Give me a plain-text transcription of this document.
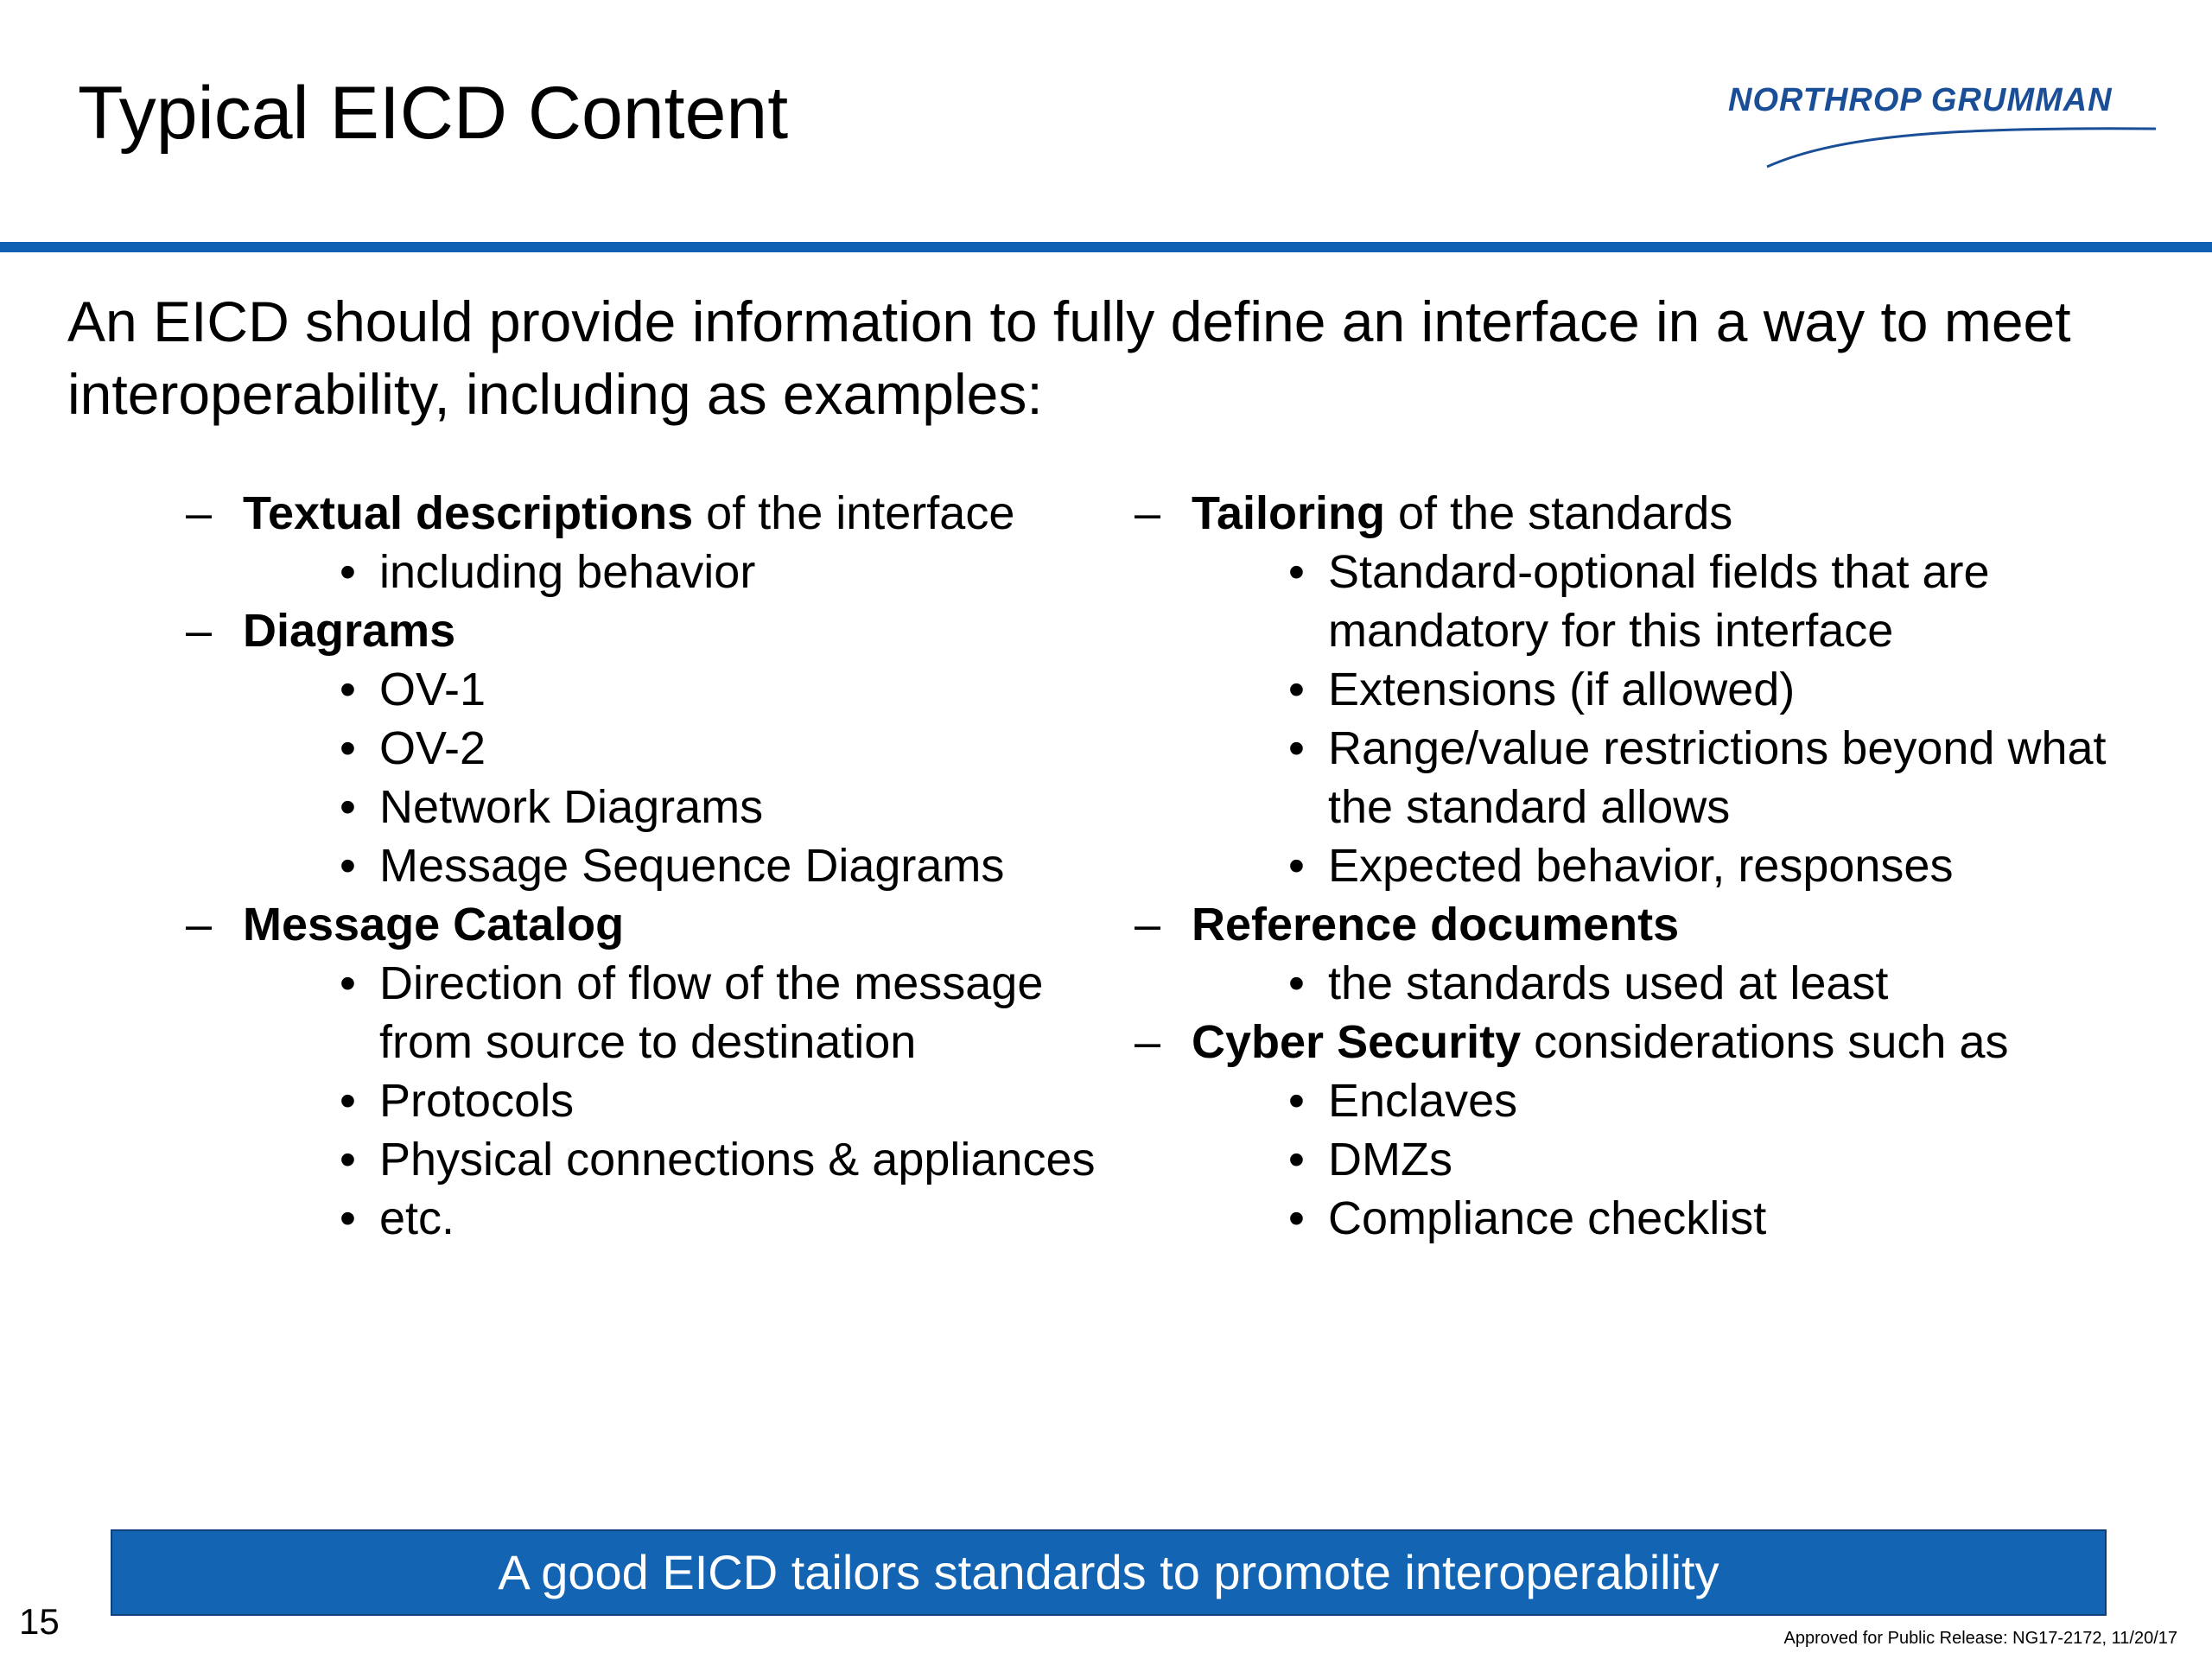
Typical EICD Content	NORTHROP GRUMMAN

An EICD should provide information to fully define an interface in a way to meet interoperability, including as examples:

– Textual descriptions of the interface
• including behavior
– Diagrams
• OV-1
• OV-2
• Network Diagrams
• Message Sequence Diagrams
– Message Catalog
• Direction of flow of the message from source to destination
• Protocols
• Physical connections & appliances
• etc.
– Tailoring of the standards
• Standard-optional fields that are mandatory for this interface
• Extensions (if allowed)
• Range/value restrictions beyond what the standard allows
• Expected behavior, responses
– Reference documents
• the standards used at least
– Cyber Security considerations such as
• Enclaves
• DMZs
• Compliance checklist
A good EICD tailors standards to promote interoperability
15	Approved for Public Release: NG17-2172, 11/20/17
